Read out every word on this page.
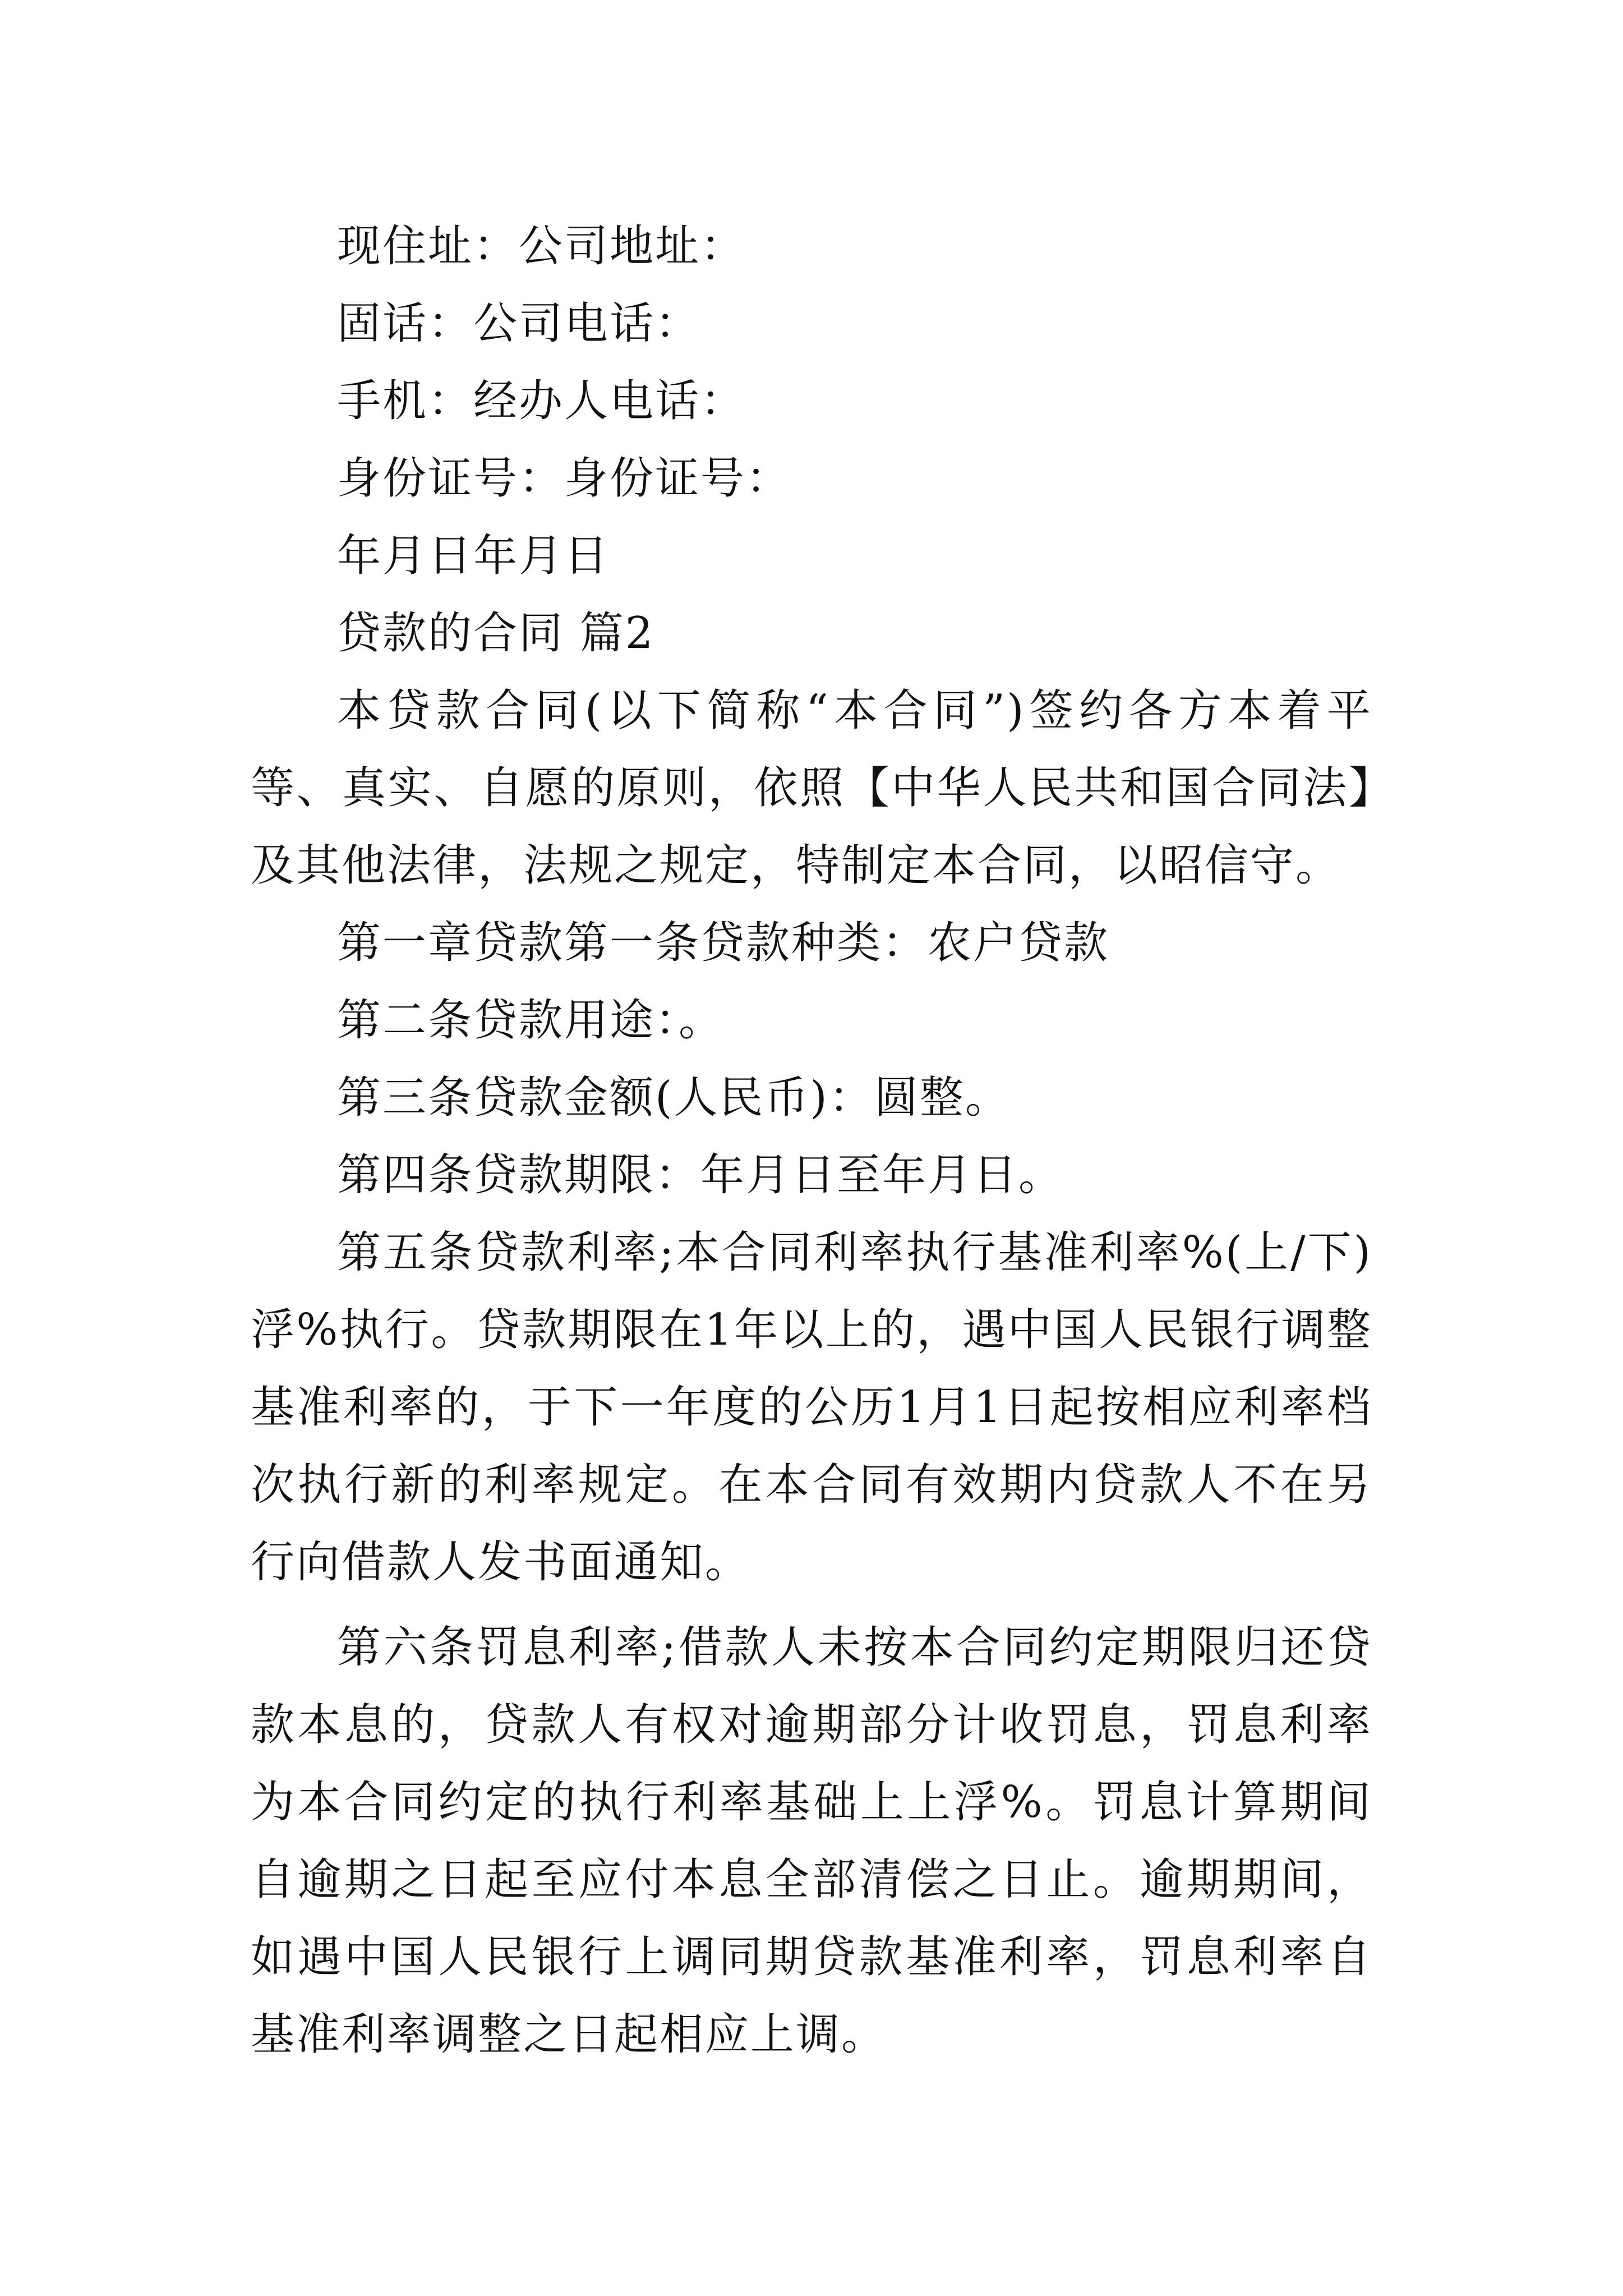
现住址：公司地址：

固话：公司电话：

手机：经办人电话：

身份证号：身份证号：

年月日年月日

贷款的合同 篇2

本贷款合同(以下简称“本合同”)签约各方本着平等、真实、自愿的原则，依照【中华人民共和国合同法】及其他法律，法规之规定，特制定本合同，以昭信守。

第一章贷款第一条贷款种类：农户贷款

第二条贷款用途：。

第三条贷款金额(人民币)：圆整。

第四条贷款期限：年月日至年月日。

第五条贷款利率;本合同利率执行基准利率%(上/下)浮%执行。贷款期限在1年以上的，遇中国人民银行调整基准利率的，于下一年度的公历1月1日起按相应利率档次执行新的利率规定。在本合同有效期内贷款人不在另行向借款人发书面通知。

第六条罚息利率;借款人未按本合同约定期限归还贷款本息的，贷款人有权对逾期部分计收罚息，罚息利率为本合同约定的执行利率基础上上浮%。罚息计算期间自逾期之日起至应付本息全部清偿之日止。逾期期间，如遇中国人民银行上调同期贷款基准利率，罚息利率自基准利率调整之日起相应上调。
